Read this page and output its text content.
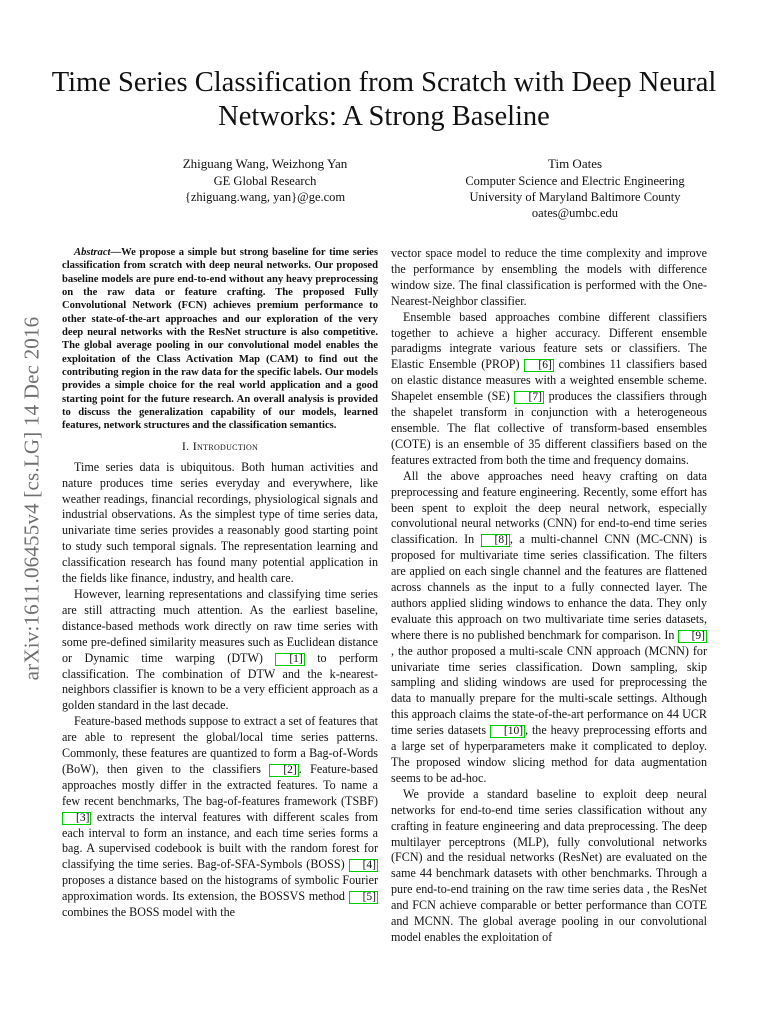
arXiv:1611.06455v4 [cs.LG] 14 Dec 2016
Time Series Classification from Scratch with Deep Neural Networks: A Strong Baseline
Zhiguang Wang, Weizhong Yan
GE Global Research
{zhiguang.wang, yan}@ge.com
Tim Oates
Computer Science and Electric Engineering
University of Maryland Baltimore County
oates@umbc.edu

Abstract—We propose a simple but strong baseline for time series classification from scratch with deep neural networks. Our proposed baseline models are pure end-to-end without any heavy preprocessing on the raw data or feature crafting. The proposed Fully Convolutional Network (FCN) achieves premium performance to other state-of-the-art approaches and our exploration of the very deep neural networks with the ResNet structure is also competitive. The global average pooling in our convolutional model enables the exploitation of the Class Activation Map (CAM) to find out the contributing region in the raw data for the specific labels. Our models provides a simple choice for the real world application and a good starting point for the future research. An overall analysis is provided to discuss the generalization capability of our models, learned features, network structures and the classification semantics.

I. Introduction

Time series data is ubiquitous. Both human activities and nature produces time series everyday and everywhere, like weather readings, financial recordings, physiological signals and industrial observations. As the simplest type of time series data, univariate time series provides a reasonably good starting point to study such temporal signals. The representation learning and classification research has found many potential application in the fields like finance, industry, and health care.

However, learning representations and classifying time series are still attracting much attention. As the earliest baseline, distance-based methods work directly on raw time series with some pre-defined similarity measures such as Euclidean distance or Dynamic time warping (DTW) [1] to perform classification. The combination of DTW and the k-nearest-neighbors classifier is known to be a very efficient approach as a golden standard in the last decade.

Feature-based methods suppose to extract a set of features that are able to represent the global/local time series patterns. Commonly, these features are quantized to form a Bag-of-Words (BoW), then given to the classifiers [2] . Feature-based approaches mostly differ in the extracted features. To name a few recent benchmarks, The bag-of-features framework (TSBF) [3] extracts the interval features with different scales from each interval to form an instance, and each time series forms a bag. A supervised codebook is built with the random forest for classifying the time series. Bag-of-SFA-Symbols (BOSS) [4] proposes a distance based on the histograms of symbolic Fourier approximation words. Its extension, the BOSSVS method [5] combines the BOSS model with the

vector space model to reduce the time complexity and improve the performance by ensembling the models with difference window size. The final classification is performed with the One-Nearest-Neighbor classifier.

Ensemble based approaches combine different classifiers together to achieve a higher accuracy. Different ensemble paradigms integrate various feature sets or classifiers. The Elastic Ensemble (PROP) [6] combines 11 classifiers based on elastic distance measures with a weighted ensemble scheme. Shapelet ensemble (SE) [7] produces the classifiers through the shapelet transform in conjunction with a heterogeneous ensemble. The flat collective of transform-based ensembles (COTE) is an ensemble of 35 different classifiers based on the features extracted from both the time and frequency domains.

All the above approaches need heavy crafting on data preprocessing and feature engineering. Recently, some effort has been spent to exploit the deep neural network, especially convolutional neural networks (CNN) for end-to-end time series classification. In [8] , a multi-channel CNN (MC-CNN) is proposed for multivariate time series classification. The filters are applied on each single channel and the features are flattened across channels as the input to a fully connected layer. The authors applied sliding windows to enhance the data. They only evaluate this approach on two multivariate time series datasets, where there is no published benchmark for comparison. In [9], the author proposed a multi-scale CNN approach (MCNN) for univariate time series classification. Down sampling, skip sampling and sliding windows are used for preprocessing the data to manually prepare for the multi-scale settings. Although this approach claims the state-of-the-art performance on 44 UCR time series datasets [10] , the heavy preprocessing efforts and a large set of hyperparameters make it complicated to deploy. The proposed window slicing method for data augmentation seems to be ad-hoc.

We provide a standard baseline to exploit deep neural networks for end-to-end time series classification without any crafting in feature engineering and data preprocessing. The deep multilayer perceptrons (MLP), fully convolutional networks (FCN) and the residual networks (ResNet) are evaluated on the same 44 benchmark datasets with other benchmarks. Through a pure end-to-end training on the raw time series data , the ResNet and FCN achieve comparable or better performance than COTE and MCNN. The global average pooling in our convolutional model enables the exploitation of
